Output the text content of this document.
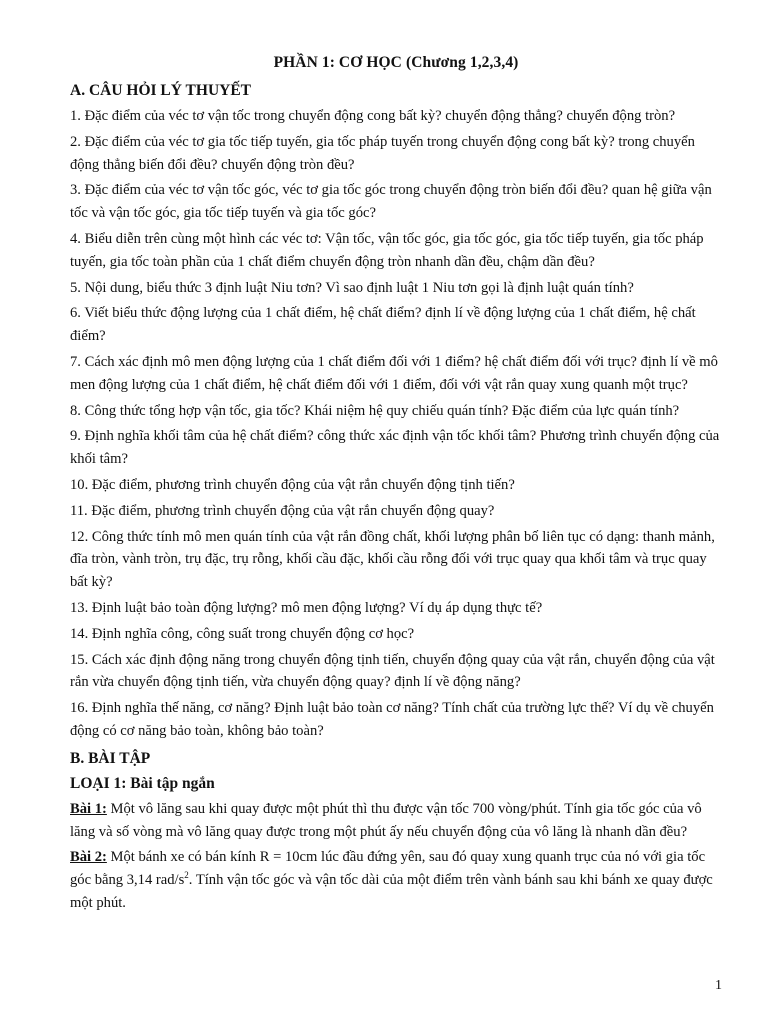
PHẦN 1: CƠ HỌC (Chương 1,2,3,4)
A. CÂU HỎI LÝ THUYẾT
1. Đặc điểm của véc tơ vận tốc trong chuyển động cong bất kỳ? chuyển động thẳng? chuyển động tròn?
2. Đặc điểm của véc tơ gia tốc tiếp tuyến, gia tốc pháp tuyến trong chuyển động cong bất kỳ? trong chuyển động thẳng biến đổi đều? chuyển động tròn đều?
3. Đặc điểm của véc tơ vận tốc góc, véc tơ gia tốc góc trong chuyển động tròn biến đổi đều? quan hệ giữa vận tốc và vận tốc góc, gia tốc tiếp tuyến và gia tốc góc?
4. Biểu diễn trên cùng một hình các véc tơ: Vận tốc, vận tốc góc, gia tốc góc, gia tốc tiếp tuyến, gia tốc pháp tuyến, gia tốc toàn phần của 1 chất điểm chuyển động tròn nhanh dần đều, chậm dần đều?
5. Nội dung, biểu thức 3 định luật Niu tơn? Vì sao định luật 1 Niu tơn gọi là định luật quán tính?
6. Viết biểu thức động lượng của 1 chất điểm, hệ chất điểm? định lí về động lượng của 1 chất điểm, hệ chất điểm?
7. Cách xác định mô men động lượng của 1 chất điểm đối với 1 điểm? hệ chất điểm đối với trục? định lí về mô men động lượng của 1 chất điểm, hệ chất điểm đối với 1 điểm, đối với vật rắn quay xung quanh một trục?
8. Công thức tổng hợp vận tốc, gia tốc? Khái niệm hệ quy chiếu quán tính? Đặc điểm của lực quán tính?
9. Định nghĩa khối tâm của hệ chất điểm? công thức xác định vận tốc khối tâm? Phương trình chuyển động của khối tâm?
10. Đặc điểm, phương trình chuyển động của vật rắn chuyển động tịnh tiến?
11. Đặc điểm, phương trình chuyển động của vật rắn chuyển động quay?
12. Công thức tính mô men quán tính của vật rắn đồng chất, khối lượng phân bố liên tục có dạng: thanh mảnh, đĩa tròn, vành tròn, trụ đặc, trụ rỗng, khối cầu đặc, khối cầu rỗng đối với trục quay qua khối tâm và trục quay bất kỳ?
13. Định luật bảo toàn động lượng? mô men động lượng? Ví dụ áp dụng thực tế?
14. Định nghĩa công, công suất trong chuyển động cơ học?
15. Cách xác định động năng trong chuyển động tịnh tiến, chuyển động quay của vật rắn, chuyển động của vật rắn vừa chuyển động tịnh tiến, vừa chuyển động quay? định lí về động năng?
16. Định nghĩa thế năng, cơ năng? Định luật bảo toàn cơ năng? Tính chất của trường lực thế? Ví dụ về chuyển động có cơ năng bảo toàn, không bảo toàn?
B. BÀI TẬP
LOẠI 1: Bài tập ngắn
Bài 1: Một vô lăng sau khi quay được một phút thì thu được vận tốc 700 vòng/phút. Tính gia tốc góc của vô lăng và số vòng mà vô lăng quay được trong một phút ấy nếu chuyển động của vô lăng là nhanh dần đều?
Bài 2: Một bánh xe có bán kính R = 10cm lúc đầu đứng yên, sau đó quay xung quanh trục của nó với gia tốc góc bằng 3,14 rad/$s^2$. Tính vận tốc góc và vận tốc dài của một điểm trên vành bánh sau khi bánh xe quay được một phút.
1
